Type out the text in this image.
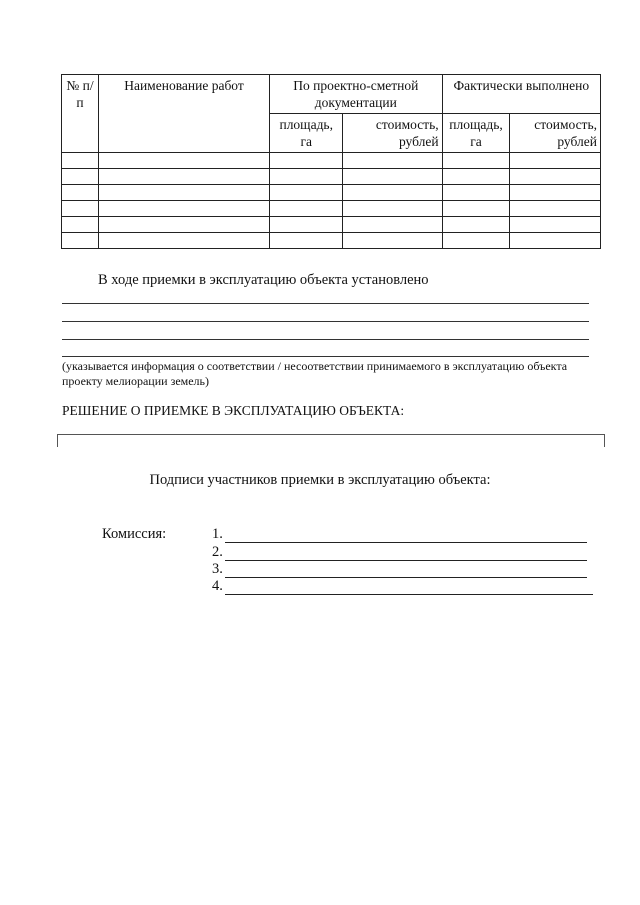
№ п/п	Наименование работ	По проектно-сметной документации		Фактически выполнено	
		площадь, га	стоимость, рублей	площадь, га	стоимость, рублей

В ходе приемки в эксплуатацию объекта установлено
(указывается информация о соответствии / несоответствии принимаемого в эксплуатацию объекта проекту мелиорации земель)
РЕШЕНИЕ О ПРИЕМКЕ В ЭКСПЛУАТАЦИЮ ОБЪЕКТА:
Подписи участников приемки в эксплуатацию объекта:
Комиссия:	1.
2.
3.
4.
